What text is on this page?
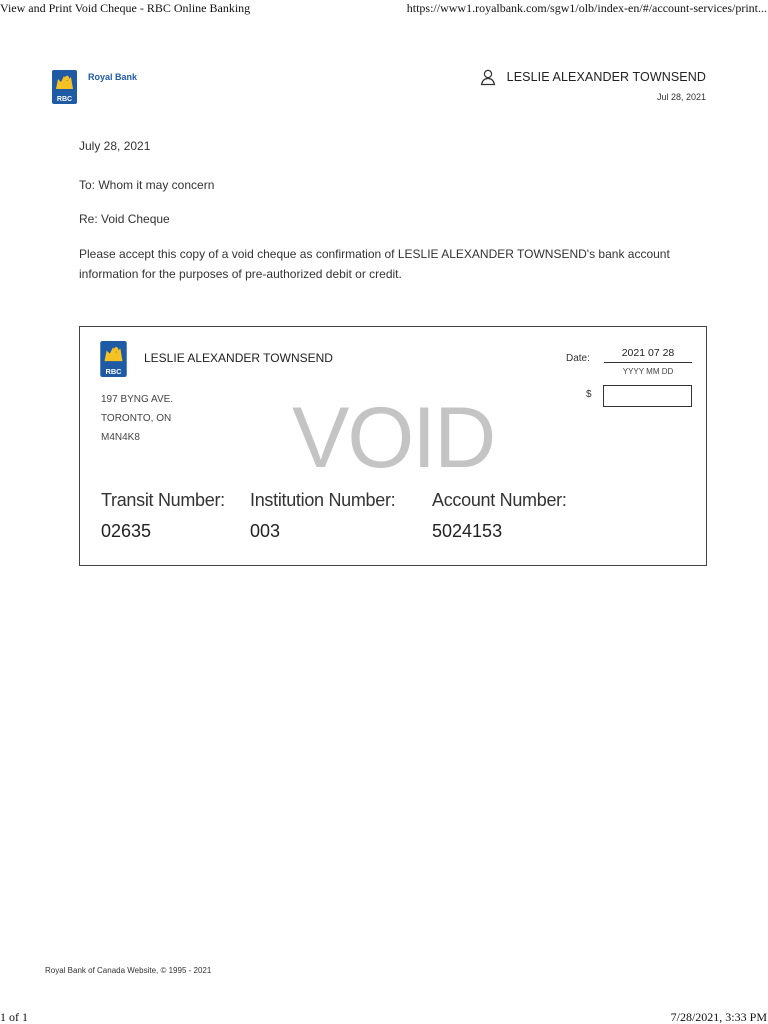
View and Print Void Cheque - RBC Online Banking	https://www1.royalbank.com/sgw1/olb/index-en/#/account-services/print...
RBC
Royal Bank	LESLIE ALEXANDER TOWNSEND
Jul 28, 2021
July 28, 2021
To: Whom it may concern
Re: Void Cheque
Please accept this copy of a void cheque as confirmation of LESLIE ALEXANDER TOWNSEND's bank account information for the purposes of pre-authorized debit or credit.
RBC
LESLIE ALEXANDER TOWNSEND
197 BYNG AVE.
TORONTO, ON
M4N4K8	VOID
Date:	2021 07 28
YYYY MM DD
$
Transit Number: Institution Number: Account Number:
02635	003	5024153
Royal Bank of Canada Website, © 1995 - 2021
1 of 1	7/28/2021, 3:33 PM
